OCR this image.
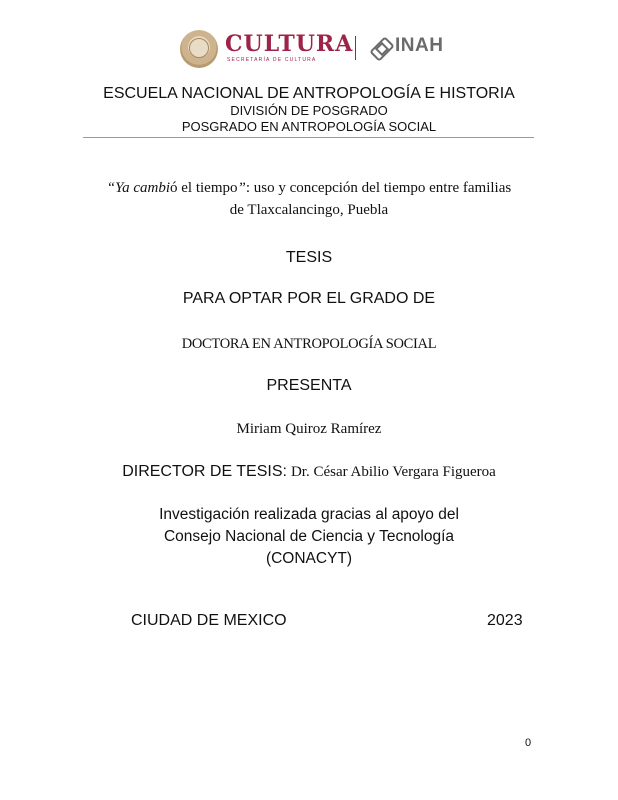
CULTURA
SECRETARÍA DE CULTURA
INAH
ESCUELA NACIONAL DE ANTROPOLOGÍA E HISTORIA
DIVISIÓN DE POSGRADO
POSGRADO EN ANTROPOLOGÍA SOCIAL
“Ya cambió el tiempo”: uso y concepción del tiempo entre familias
de Tlaxcalancingo, Puebla
TESIS
PARA OPTAR POR EL GRADO DE
DOCTORA EN ANTROPOLOGÍA SOCIAL
PRESENTA
Miriam Quiroz Ramírez
DIRECTOR DE TESIS: Dr. César Abilio Vergara Figueroa
Investigación realizada gracias al apoyo del
Consejo Nacional de Ciencia y Tecnología
(CONACYT)
CIUDAD DE MEXICO	2023
0
